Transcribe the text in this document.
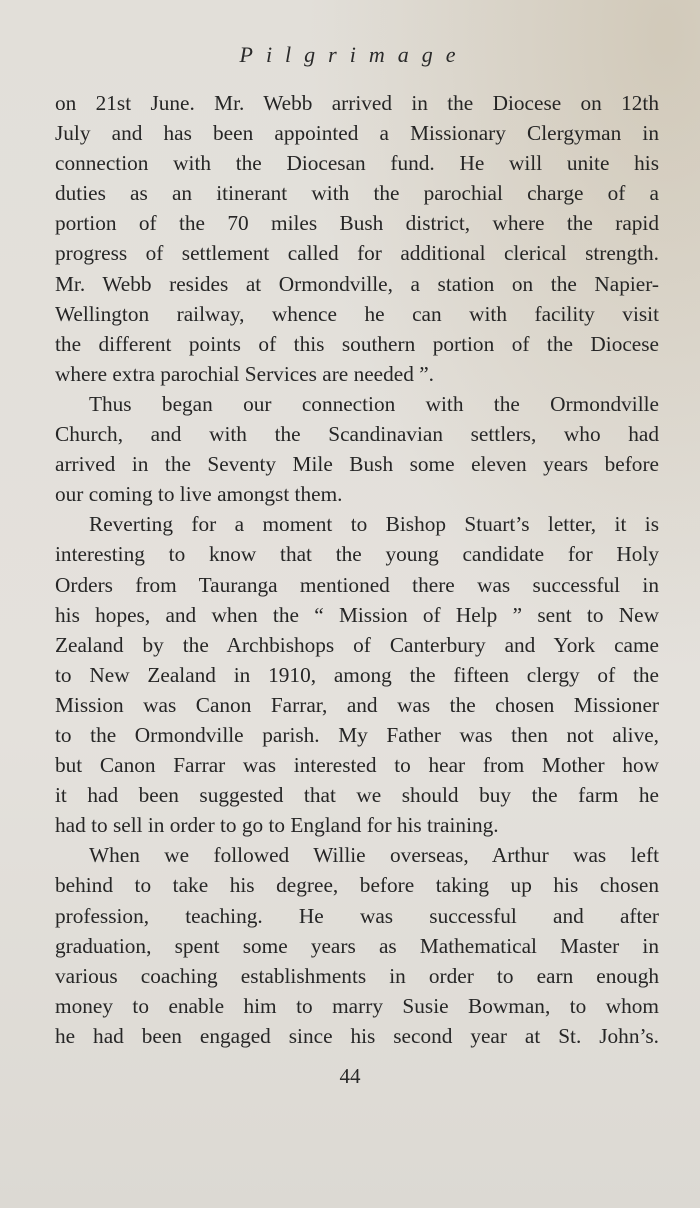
Pilgrimage
on 21st June. Mr. Webb arrived in the Diocese on 12th
July and has been appointed a Missionary Clergyman in
connection with the Diocesan fund. He will unite his
duties as an itinerant with the parochial charge of a
portion of the 70 miles Bush district, where the rapid
progress of settlement called for additional clerical strength.
Mr. Webb resides at Ormondville, a station on the Napier-
Wellington railway, whence he can with facility visit
the different points of this southern portion of the Diocese
where extra parochial Services are needed ”.
Thus began our connection with the Ormondville
Church, and with the Scandinavian settlers, who had
arrived in the Seventy Mile Bush some eleven years before
our coming to live amongst them.
Reverting for a moment to Bishop Stuart’s letter, it is
interesting to know that the young candidate for Holy
Orders from Tauranga mentioned there was successful in
his hopes, and when the “ Mission of Help ” sent to New
Zealand by the Archbishops of Canterbury and York came
to New Zealand in 1910, among the fifteen clergy of the
Mission was Canon Farrar, and was the chosen Missioner
to the Ormondville parish. My Father was then not alive,
but Canon Farrar was interested to hear from Mother how
it had been suggested that we should buy the farm he
had to sell in order to go to England for his training.
When we followed Willie overseas, Arthur was left
behind to take his degree, before taking up his chosen
profession, teaching. He was successful and after
graduation, spent some years as Mathematical Master in
various coaching establishments in order to earn enough
money to enable him to marry Susie Bowman, to whom
he had been engaged since his second year at St. John’s.
44
